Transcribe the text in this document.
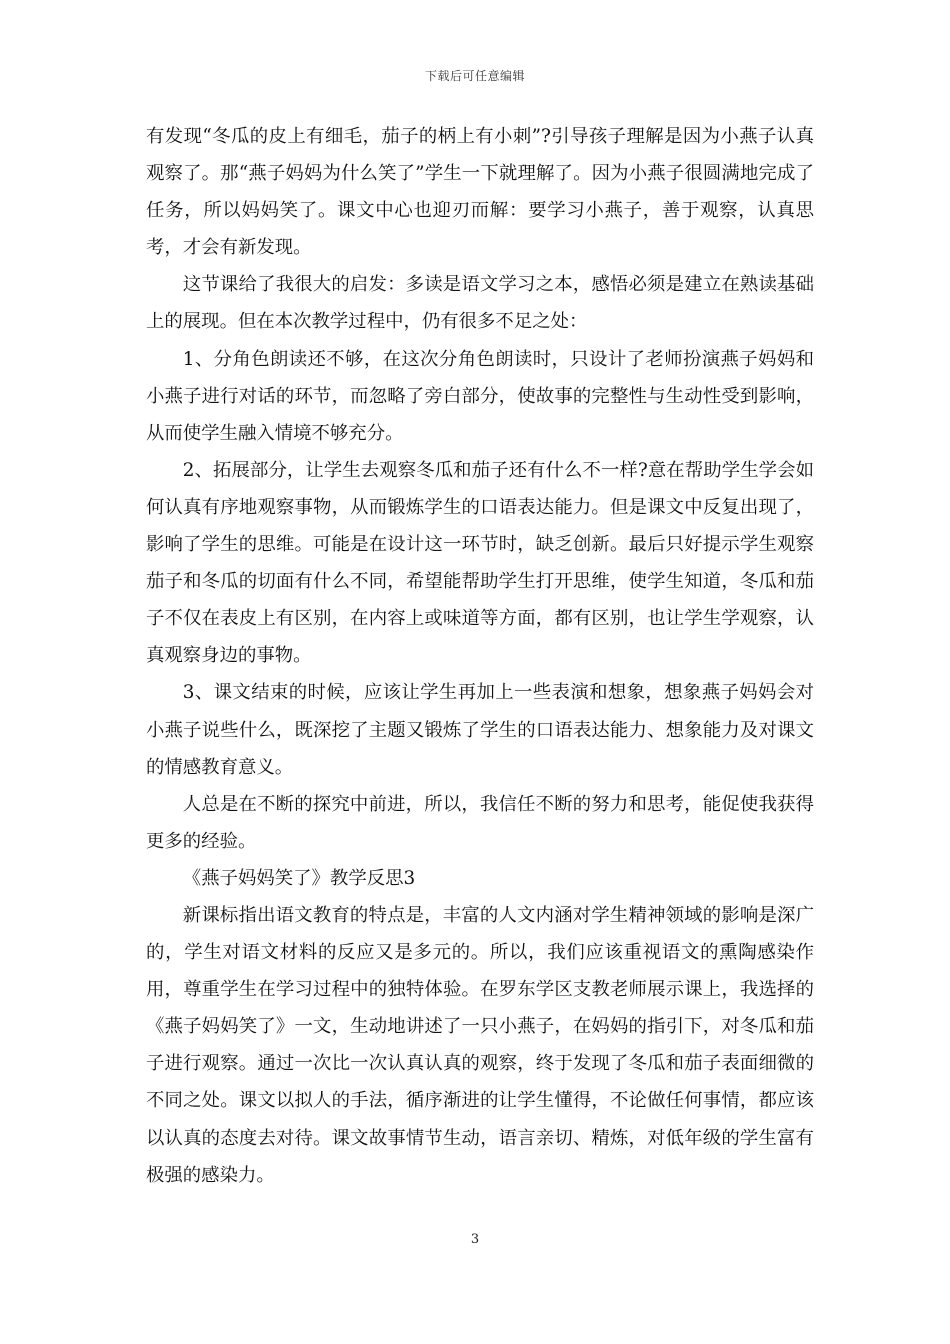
下载后可任意编辑

有发现“冬瓜的皮上有细毛，茄子的柄上有小刺”?引导孩子理解是因为小燕子认真观察了。那“燕子妈妈为什么笑了”学生一下就理解了。因为小燕子很圆满地完成了任务，所以妈妈笑了。课文中心也迎刃而解：要学习小燕子，善于观察，认真思考，才会有新发现。

这节课给了我很大的启发：多读是语文学习之本，感悟必须是建立在熟读基础上的展现。但在本次教学过程中，仍有很多不足之处：

1、分角色朗读还不够，在这次分角色朗读时，只设计了老师扮演燕子妈妈和小燕子进行对话的环节，而忽略了旁白部分，使故事的完整性与生动性受到影响，从而使学生融入情境不够充分。

2、拓展部分，让学生去观察冬瓜和茄子还有什么不一样?意在帮助学生学会如何认真有序地观察事物，从而锻炼学生的口语表达能力。但是课文中反复出现了，影响了学生的思维。可能是在设计这一环节时，缺乏创新。最后只好提示学生观察茄子和冬瓜的切面有什么不同，希望能帮助学生打开思维，使学生知道，冬瓜和茄子不仅在表皮上有区别，在内容上或味道等方面，都有区别，也让学生学观察，认真观察身边的事物。

3、课文结束的时候，应该让学生再加上一些表演和想象，想象燕子妈妈会对小燕子说些什么，既深挖了主题又锻炼了学生的口语表达能力、想象能力及对课文的情感教育意义。

人总是在不断的探究中前进，所以，我信任不断的努力和思考，能促使我获得更多的经验。

《燕子妈妈笑了》教学反思3

新课标指出语文教育的特点是，丰富的人文内涵对学生精神领域的影响是深广的，学生对语文材料的反应又是多元的。所以，我们应该重视语文的熏陶感染作用，尊重学生在学习过程中的独特体验。在罗东学区支教老师展示课上，我选择的《燕子妈妈笑了》一文，生动地讲述了一只小燕子，在妈妈的指引下，对冬瓜和茄子进行观察。通过一次比一次认真认真的观察，终于发现了冬瓜和茄子表面细微的不同之处。课文以拟人的手法，循序渐进的让学生懂得，不论做任何事情，都应该以认真的态度去对待。课文故事情节生动，语言亲切、精炼，对低年级的学生富有极强的感染力。

3
